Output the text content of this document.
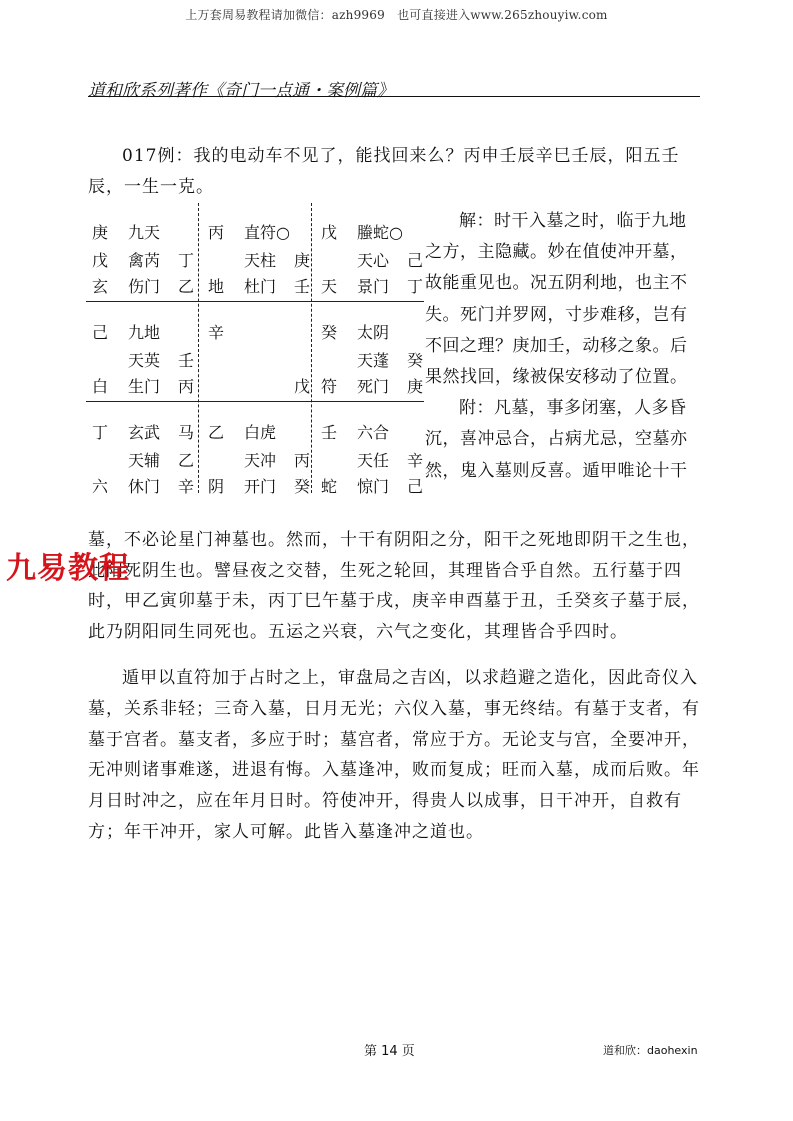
上万套周易教程请加微信：azh9969　也可直接进入www.265zhouyiw.com
道和欣系列著作《奇门一点通・案例篇》
017例：我的电动车不见了，能找回来么？丙申壬辰辛巳壬辰，阳五壬辰，一生一克。
庚 九天
戊 禽芮 丁
玄 伤门 乙
丙 直符○
天柱 庚
地 杜门 壬
戊 螣蛇○
天心 己
天 景门 丁
己 九地
天英 壬
白 生门 丙
辛
戊
癸 太阴
天蓬 癸
符 死门 庚
丁 玄武 马
天辅 乙
六 休门 辛
乙 白虎
天冲 丙
阴 开门 癸
壬 六合
天任 辛
蛇 惊门 己

解：时干入墓之时，临于九地之方，主隐藏。妙在值使冲开墓，故能重见也。况五阴利地，也主不失。死门并罗网，寸步难移，岂有不回之理？庚加壬，动移之象。后果然找回，缘被保安移动了位置。

附：凡墓，事多闭塞，人多昏沉，喜冲忌合，占病尤忌，空墓亦然，鬼入墓则反喜。遁甲唯论十干

墓，不必论星门神墓也。然而，十干有阴阳之分，阳干之死地即阴干之生也，此阳死阴生也。譬昼夜之交替，生死之轮回，其理皆合乎自然。五行墓于四时，甲乙寅卯墓于未，丙丁巳午墓于戌，庚辛申酉墓于丑，壬癸亥子墓于辰，此乃阴阳同生同死也。五运之兴衰，六气之变化，其理皆合乎四时。

遁甲以直符加于占时之上，审盘局之吉凶，以求趋避之造化，因此奇仪入墓，关系非轻；三奇入墓，日月无光；六仪入墓，事无终结。有墓于支者，有墓于宫者。墓支者，多应于时；墓宫者，常应于方。无论支与宫，全要冲开，无冲则诸事难遂，进退有悔。入墓逢冲，败而复成；旺而入墓，成而后败。年月日时冲之，应在年月日时。符使冲开，得贵人以成事，日干冲开，自救有方；年干冲开，家人可解。此皆入墓逢冲之道也。
九易教程
第 14 页	道和欣：daohexin
